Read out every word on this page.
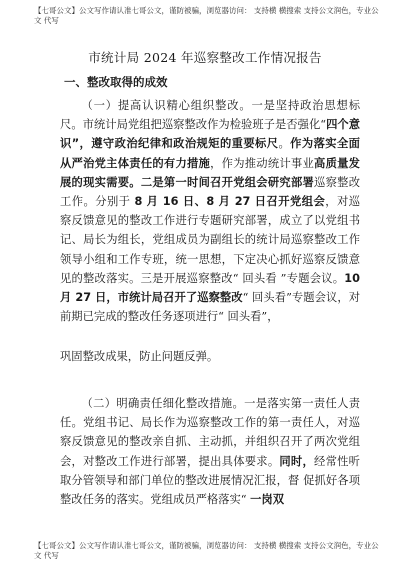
【七哥公文】公文写作请认准七哥公文，谨防被骗，浏览器访问： 支持横 横搜索 支持公文润色，专业公文 代写
市统计局 2024 年巡察整改工作情况报告
一、整改取得的成效

（一）提高认识精心组织整改。一是坚持政治思想标尺。市统计局党组把巡察整改作为检验班子是否强化“四个意识”，遵守政治纪律和政治规矩的重要标尺。作为落实全面从严治党主体责任的有力措施，作为推动统计事业高质量发展的现实需要。二是第一时间召开党组会研究部署巡察整改工作。分别于 8 月 16 日、8 月 27 日召开党组会，对巡察反馈意见的整改工作进行专题研究部署，成立了以党组书记、局长为组长，党组成员为副组长的统计局巡察整改工作领导小组和工作专班，统一思想，下定决心抓好巡察反馈意见的整改落实。三是开展巡察整改“ 回头看 ”专题会议。10 月 27 日，市统计局召开了巡察整改“ 回头看”专题会议，对前期已完成的整改任务逐项进行“ 回头看”，

巩固整改成果，防止问题反弹。

（二）明确责任细化整改措施。一是落实第一责任人责任。党组书记、局长作为巡察整改工作的第一责任人，对巡察反馈意见的整改亲自抓、主动抓，并组织召开了两次党组会，对整改工作进行部署，提出具体要求。同时，经常性听取分管领导和部门单位的整改进展情况汇报，督 促抓好各项整改任务的落实。党组成员严格落实“ 一岗双

【七哥公文】公文写作请认准七哥公文，谨防被骗，浏览器访问： 支持横 横搜索 支持公文润色，专业公文 代写
